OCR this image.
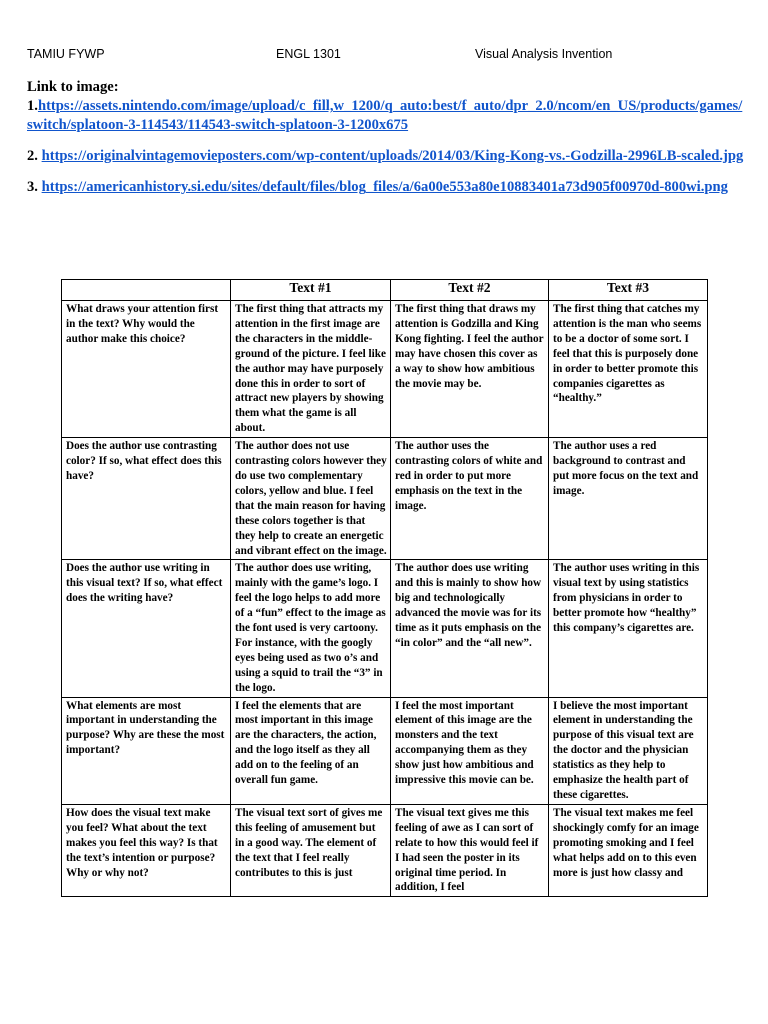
TAMIU FYWP	ENGL 1301	Visual Analysis Invention

Link to image:

1.https://assets.nintendo.com/image/upload/c_fill,w_1200/q_auto:best/f_auto/dpr_2.0/ncom/en_US/products/games/switch/splatoon-3-114543/114543-switch-splatoon-3-1200x675

2. https://originalvintagemovieposters.com/wp-content/uploads/2014/03/King-Kong-vs.-Godzilla-2996LB-scaled.jpg

3. https://americanhistory.si.edu/sites/default/files/blog_files/a/6a00e553a80e10883401a73d905f00970d-800wi.png

	Text #1	Text #2	Text #3
What draws your attention first in the text? Why would the author make this choice?	The first thing that attracts my attention in the first image are the characters in the middle-ground of the picture. I feel like the author may have purposely done this in order to sort of attract new players by showing them what the game is all about.	The first thing that draws my attention is Godzilla and King Kong fighting. I feel the author may have chosen this cover as a way to show how ambitious the movie may be.	The first thing that catches my attention is the man who seems to be a doctor of some sort. I feel that this is purposely done in order to better promote this companies cigarettes as “healthy.”
Does the author use contrasting color? If so, what effect does this have?	The author does not use contrasting colors however they do use two complementary colors, yellow and blue. I feel that the main reason for having these colors together is that they help to create an energetic and vibrant effect on the image.	The author uses the contrasting colors of white and red in order to put more emphasis on the text in the image.	The author uses a red background to contrast and put more focus on the text and image.
Does the author use writing in this visual text? If so, what effect does the writing have?	The author does use writing, mainly with the game’s logo. I feel the logo helps to add more of a “fun” effect to the image as the font used is very cartoony. For instance, with the googly eyes being used as two o’s and using a squid to trail the “3” in the logo.	The author does use writing and this is mainly to show how big and technologically advanced the movie was for its time as it puts emphasis on the “in color” and the “all new”.	The author uses writing in this visual text by using statistics from physicians in order to better promote how “healthy” this company’s cigarettes are.
What elements are most important in understanding the purpose? Why are these the most important?	I feel the elements that are most important in this image are the characters, the action, and the logo itself as they all add on to the feeling of an overall fun game.	I feel the most important element of this image are the monsters and the text accompanying them as they show just how ambitious and impressive this movie can be.	I believe the most important element in understanding the purpose of this visual text are the doctor and the physician statistics as they help to emphasize the health part of these cigarettes.
How does the visual text make you feel? What about the text makes you feel this way? Is that the text’s intention or purpose? Why or why not?	The visual text sort of gives me this feeling of amusement but in a good way. The element of the text that I feel really contributes to this is just	The visual text gives me this feeling of awe as I can sort of relate to how this would feel if I had seen the poster in its original time period. In addition, I feel	The visual text makes me feel shockingly comfy for an image promoting smoking and I feel what helps add on to this even more is just how classy and
